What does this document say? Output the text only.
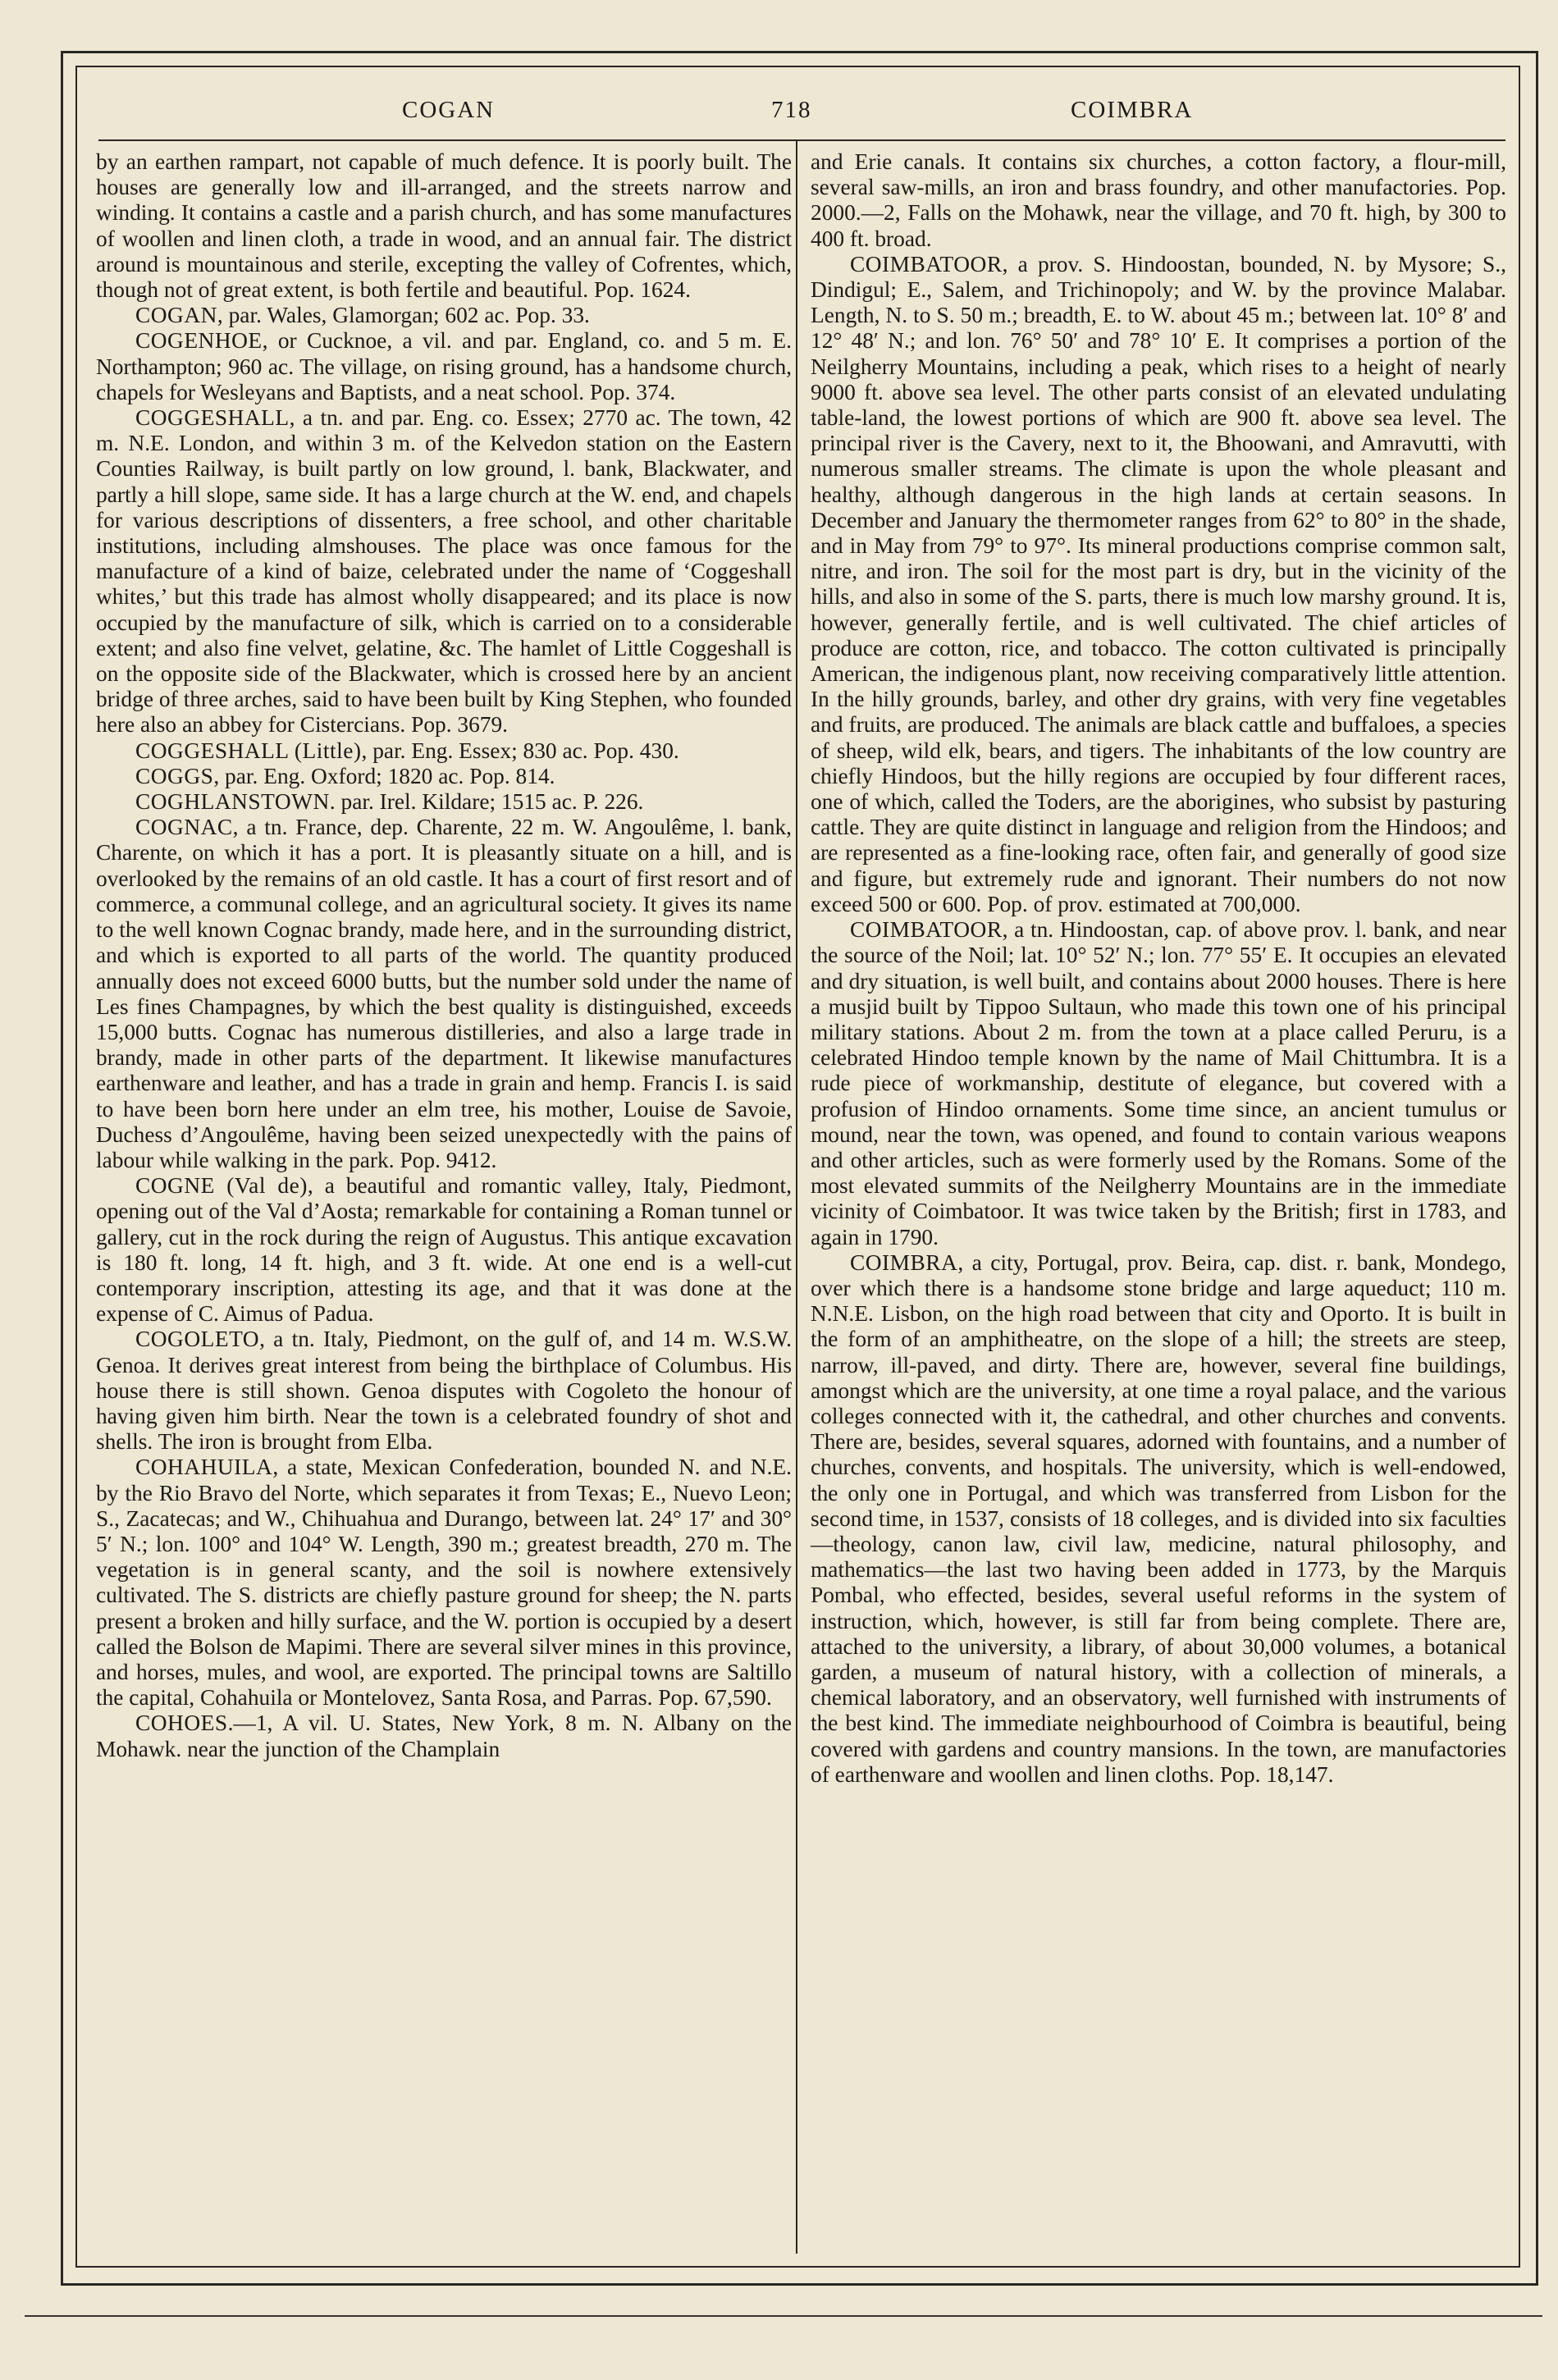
COGAN	718	COIMBRA

by an earthen rampart, not capable of much defence. It is poorly built. The houses are generally low and ill-arranged, and the streets narrow and winding. It contains a castle and a parish church, and has some manufactures of woollen and linen cloth, a trade in wood, and an annual fair. The district around is mountainous and sterile, excepting the valley of Cofrentes, which, though not of great extent, is both fertile and beautiful. Pop. 1624.

COGAN, par. Wales, Glamorgan; 602 ac. Pop. 33.

COGENHOE, or Cucknoe, a vil. and par. England, co. and 5 m. E. Northampton; 960 ac. The village, on rising ground, has a handsome church, chapels for Wesleyans and Baptists, and a neat school. Pop. 374.

COGGESHALL, a tn. and par. Eng. co. Essex; 2770 ac. The town, 42 m. N.E. London, and within 3 m. of the Kelvedon station on the Eastern Counties Railway, is built partly on low ground, l. bank, Blackwater, and partly a hill slope, same side. It has a large church at the W. end, and chapels for various descriptions of dissenters, a free school, and other charitable institutions, including almshouses. The place was once famous for the manufacture of a kind of baize, celebrated under the name of ‘Coggeshall whites,’ but this trade has almost wholly disappeared; and its place is now occupied by the manufacture of silk, which is carried on to a considerable extent; and also fine velvet, gelatine, &c. The hamlet of Little Coggeshall is on the opposite side of the Blackwater, which is crossed here by an ancient bridge of three arches, said to have been built by King Stephen, who founded here also an abbey for Cistercians. Pop. 3679.

COGGESHALL (Little), par. Eng. Essex; 830 ac. Pop. 430.

COGGS, par. Eng. Oxford; 1820 ac. Pop. 814.

COGHLANSTOWN. par. Irel. Kildare; 1515 ac. P. 226.

COGNAC, a tn. France, dep. Charente, 22 m. W. Angoulême, l. bank, Charente, on which it has a port. It is pleasantly situate on a hill, and is overlooked by the remains of an old castle. It has a court of first resort and of commerce, a communal college, and an agricultural society. It gives its name to the well known Cognac brandy, made here, and in the surrounding district, and which is exported to all parts of the world. The quantity produced annually does not exceed 6000 butts, but the number sold under the name of Les fines Champagnes, by which the best quality is distinguished, exceeds 15,000 butts. Cognac has numerous distilleries, and also a large trade in brandy, made in other parts of the department. It likewise manufactures earthenware and leather, and has a trade in grain and hemp. Francis I. is said to have been born here under an elm tree, his mother, Louise de Savoie, Duchess d’Angoulême, having been seized unexpectedly with the pains of labour while walking in the park. Pop. 9412.

COGNE (Val de), a beautiful and romantic valley, Italy, Piedmont, opening out of the Val d’Aosta; remarkable for containing a Roman tunnel or gallery, cut in the rock during the reign of Augustus. This antique excavation is 180 ft. long, 14 ft. high, and 3 ft. wide. At one end is a well-cut contemporary inscription, attesting its age, and that it was done at the expense of C. Aimus of Padua.

COGOLETO, a tn. Italy, Piedmont, on the gulf of, and 14 m. W.S.W. Genoa. It derives great interest from being the birthplace of Columbus. His house there is still shown. Genoa disputes with Cogoleto the honour of having given him birth. Near the town is a celebrated foundry of shot and shells. The iron is brought from Elba.

COHAHUILA, a state, Mexican Confederation, bounded N. and N.E. by the Rio Bravo del Norte, which separates it from Texas; E., Nuevo Leon; S., Zacatecas; and W., Chihuahua and Durango, between lat. 24° 17′ and 30° 5′ N.; lon. 100° and 104° W. Length, 390 m.; greatest breadth, 270 m. The vegetation is in general scanty, and the soil is nowhere extensively cultivated. The S. districts are chiefly pasture ground for sheep; the N. parts present a broken and hilly surface, and the W. portion is occupied by a desert called the Bolson de Mapimi. There are several silver mines in this province, and horses, mules, and wool, are exported. The principal towns are Saltillo the capital, Cohahuila or Montelovez, Santa Rosa, and Parras. Pop. 67,590.

COHOES.—1, A vil. U. States, New York, 8 m. N. Albany on the Mohawk. near the junction of the Champlain

and Erie canals. It contains six churches, a cotton factory, a flour-mill, several saw-mills, an iron and brass foundry, and other manufactories. Pop. 2000.—2, Falls on the Mohawk, near the village, and 70 ft. high, by 300 to 400 ft. broad.

COIMBATOOR, a prov. S. Hindoostan, bounded, N. by Mysore; S., Dindigul; E., Salem, and Trichinopoly; and W. by the province Malabar. Length, N. to S. 50 m.; breadth, E. to W. about 45 m.; between lat. 10° 8′ and 12° 48′ N.; and lon. 76° 50′ and 78° 10′ E. It comprises a portion of the Neilgherry Mountains, including a peak, which rises to a height of nearly 9000 ft. above sea level. The other parts consist of an elevated undulating table-land, the lowest portions of which are 900 ft. above sea level. The principal river is the Cavery, next to it, the Bhoowani, and Amravutti, with numerous smaller streams. The climate is upon the whole pleasant and healthy, although dangerous in the high lands at certain seasons. In December and January the thermometer ranges from 62° to 80° in the shade, and in May from 79° to 97°. Its mineral productions comprise common salt, nitre, and iron. The soil for the most part is dry, but in the vicinity of the hills, and also in some of the S. parts, there is much low marshy ground. It is, however, generally fertile, and is well cultivated. The chief articles of produce are cotton, rice, and tobacco. The cotton cultivated is principally American, the indigenous plant, now receiving comparatively little attention. In the hilly grounds, barley, and other dry grains, with very fine vegetables and fruits, are produced. The animals are black cattle and buffaloes, a species of sheep, wild elk, bears, and tigers. The inhabitants of the low country are chiefly Hindoos, but the hilly regions are occupied by four different races, one of which, called the Toders, are the aborigines, who subsist by pasturing cattle. They are quite distinct in language and religion from the Hindoos; and are represented as a fine-looking race, often fair, and generally of good size and figure, but extremely rude and ignorant. Their numbers do not now exceed 500 or 600. Pop. of prov. estimated at 700,000.

COIMBATOOR, a tn. Hindoostan, cap. of above prov. l. bank, and near the source of the Noil; lat. 10° 52′ N.; lon. 77° 55′ E. It occupies an elevated and dry situation, is well built, and contains about 2000 houses. There is here a musjid built by Tippoo Sultaun, who made this town one of his principal military stations. About 2 m. from the town at a place called Peruru, is a celebrated Hindoo temple known by the name of Mail Chittumbra. It is a rude piece of workmanship, destitute of elegance, but covered with a profusion of Hindoo ornaments. Some time since, an ancient tumulus or mound, near the town, was opened, and found to contain various weapons and other articles, such as were formerly used by the Romans. Some of the most elevated summits of the Neilgherry Mountains are in the immediate vicinity of Coimbatoor. It was twice taken by the British; first in 1783, and again in 1790.

COIMBRA, a city, Portugal, prov. Beira, cap. dist. r. bank, Mondego, over which there is a handsome stone bridge and large aqueduct; 110 m. N.N.E. Lisbon, on the high road between that city and Oporto. It is built in the form of an amphitheatre, on the slope of a hill; the streets are steep, narrow, ill-paved, and dirty. There are, however, several fine buildings, amongst which are the university, at one time a royal palace, and the various colleges connected with it, the cathedral, and other churches and convents. There are, besides, several squares, adorned with fountains, and a number of churches, convents, and hospitals. The university, which is well-endowed, the only one in Portugal, and which was transferred from Lisbon for the second time, in 1537, consists of 18 colleges, and is divided into six faculties—theology, canon law, civil law, medicine, natural philosophy, and mathematics—the last two having been added in 1773, by the Marquis Pombal, who effected, besides, several useful reforms in the system of instruction, which, however, is still far from being complete. There are, attached to the university, a library, of about 30,000 volumes, a botanical garden, a museum of natural history, with a collection of minerals, a chemical laboratory, and an observatory, well furnished with instruments of the best kind. The immediate neighbourhood of Coimbra is beautiful, being covered with gardens and country mansions. In the town, are manufactories of earthenware and woollen and linen cloths. Pop. 18,147.
